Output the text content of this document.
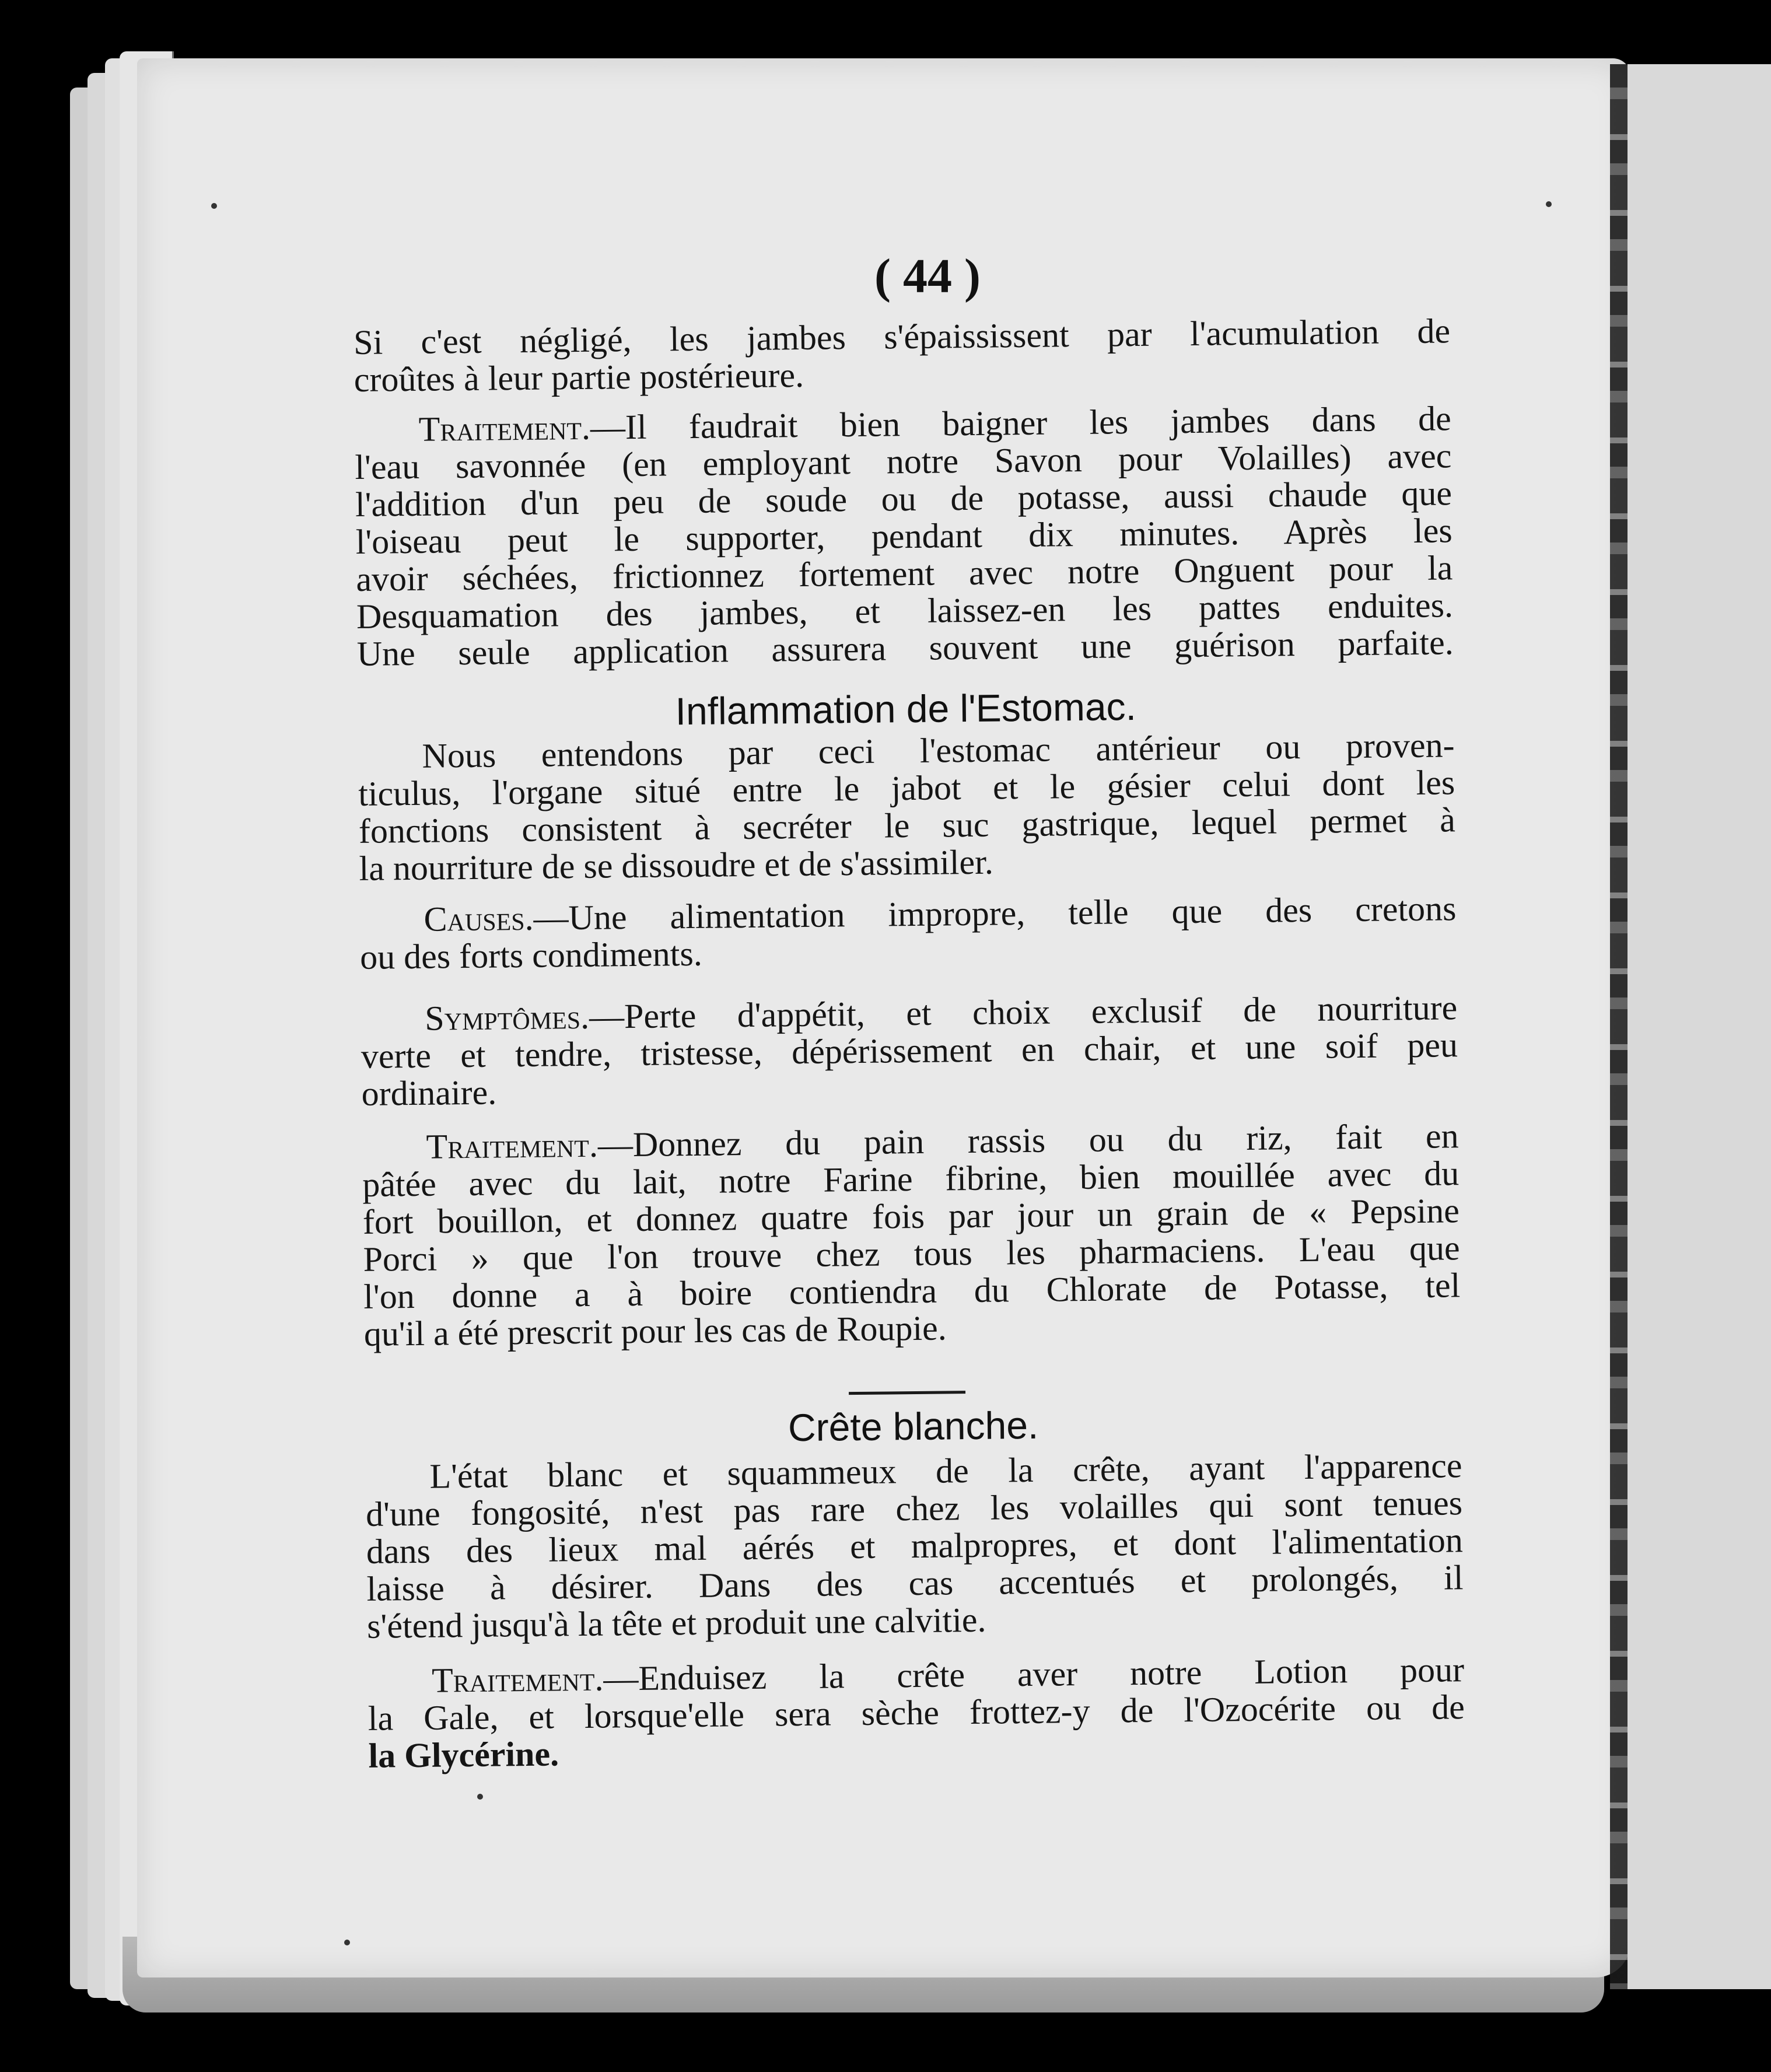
( 44 )
Si c'est négligé, les jambes s'épaississent par l'acumulation de
croûtes à leur partie postérieure.
Traitement.—Il faudrait bien baigner les jambes dans de
l'eau savonnée (en employant notre Savon pour Volailles) avec
l'addition d'un peu de soude ou de potasse, aussi chaude que
l'oiseau peut le supporter, pendant dix minutes. Après les
avoir séchées, frictionnez fortement avec notre Onguent pour la
Desquamation des jambes, et laissez-en les pattes enduites.
Une seule application assurera souvent une guérison parfaite.
Inflammation de l'Estomac.
Nous entendons par ceci l'estomac antérieur ou proven-
ticulus, l'organe situé entre le jabot et le gésier celui dont les
fonctions consistent à secréter le suc gastrique, lequel permet à
la nourriture de se dissoudre et de s'assimiler.
Causes.—Une alimentation impropre, telle que des cretons
ou des forts condiments.
Symptômes.—Perte d'appétit, et choix exclusif de nourriture
verte et tendre, tristesse, dépérissement en chair, et une soif peu
ordinaire.
Traitement.—Donnez du pain rassis ou du riz, fait en
pâtée avec du lait, notre Farine fibrine, bien mouillée avec du
fort bouillon, et donnez quatre fois par jour un grain de « Pepsine
Porci » que l'on trouve chez tous les pharmaciens. L'eau que
l'on donne a à boire contiendra du Chlorate de Potasse, tel
qu'il a été prescrit pour les cas de Roupie.
Crête blanche.
L'état blanc et squammeux de la crête, ayant l'apparence
d'une fongosité, n'est pas rare chez les volailles qui sont tenues
dans des lieux mal aérés et malpropres, et dont l'alimentation
laisse à désirer. Dans des cas accentués et prolongés, il
s'étend jusqu'à la tête et produit une calvitie.
Traitement.—Enduisez la crête aver notre Lotion pour
la Gale, et lorsque'elle sera sèche frottez-y de l'Ozocérite ou de
la Glycérine.
